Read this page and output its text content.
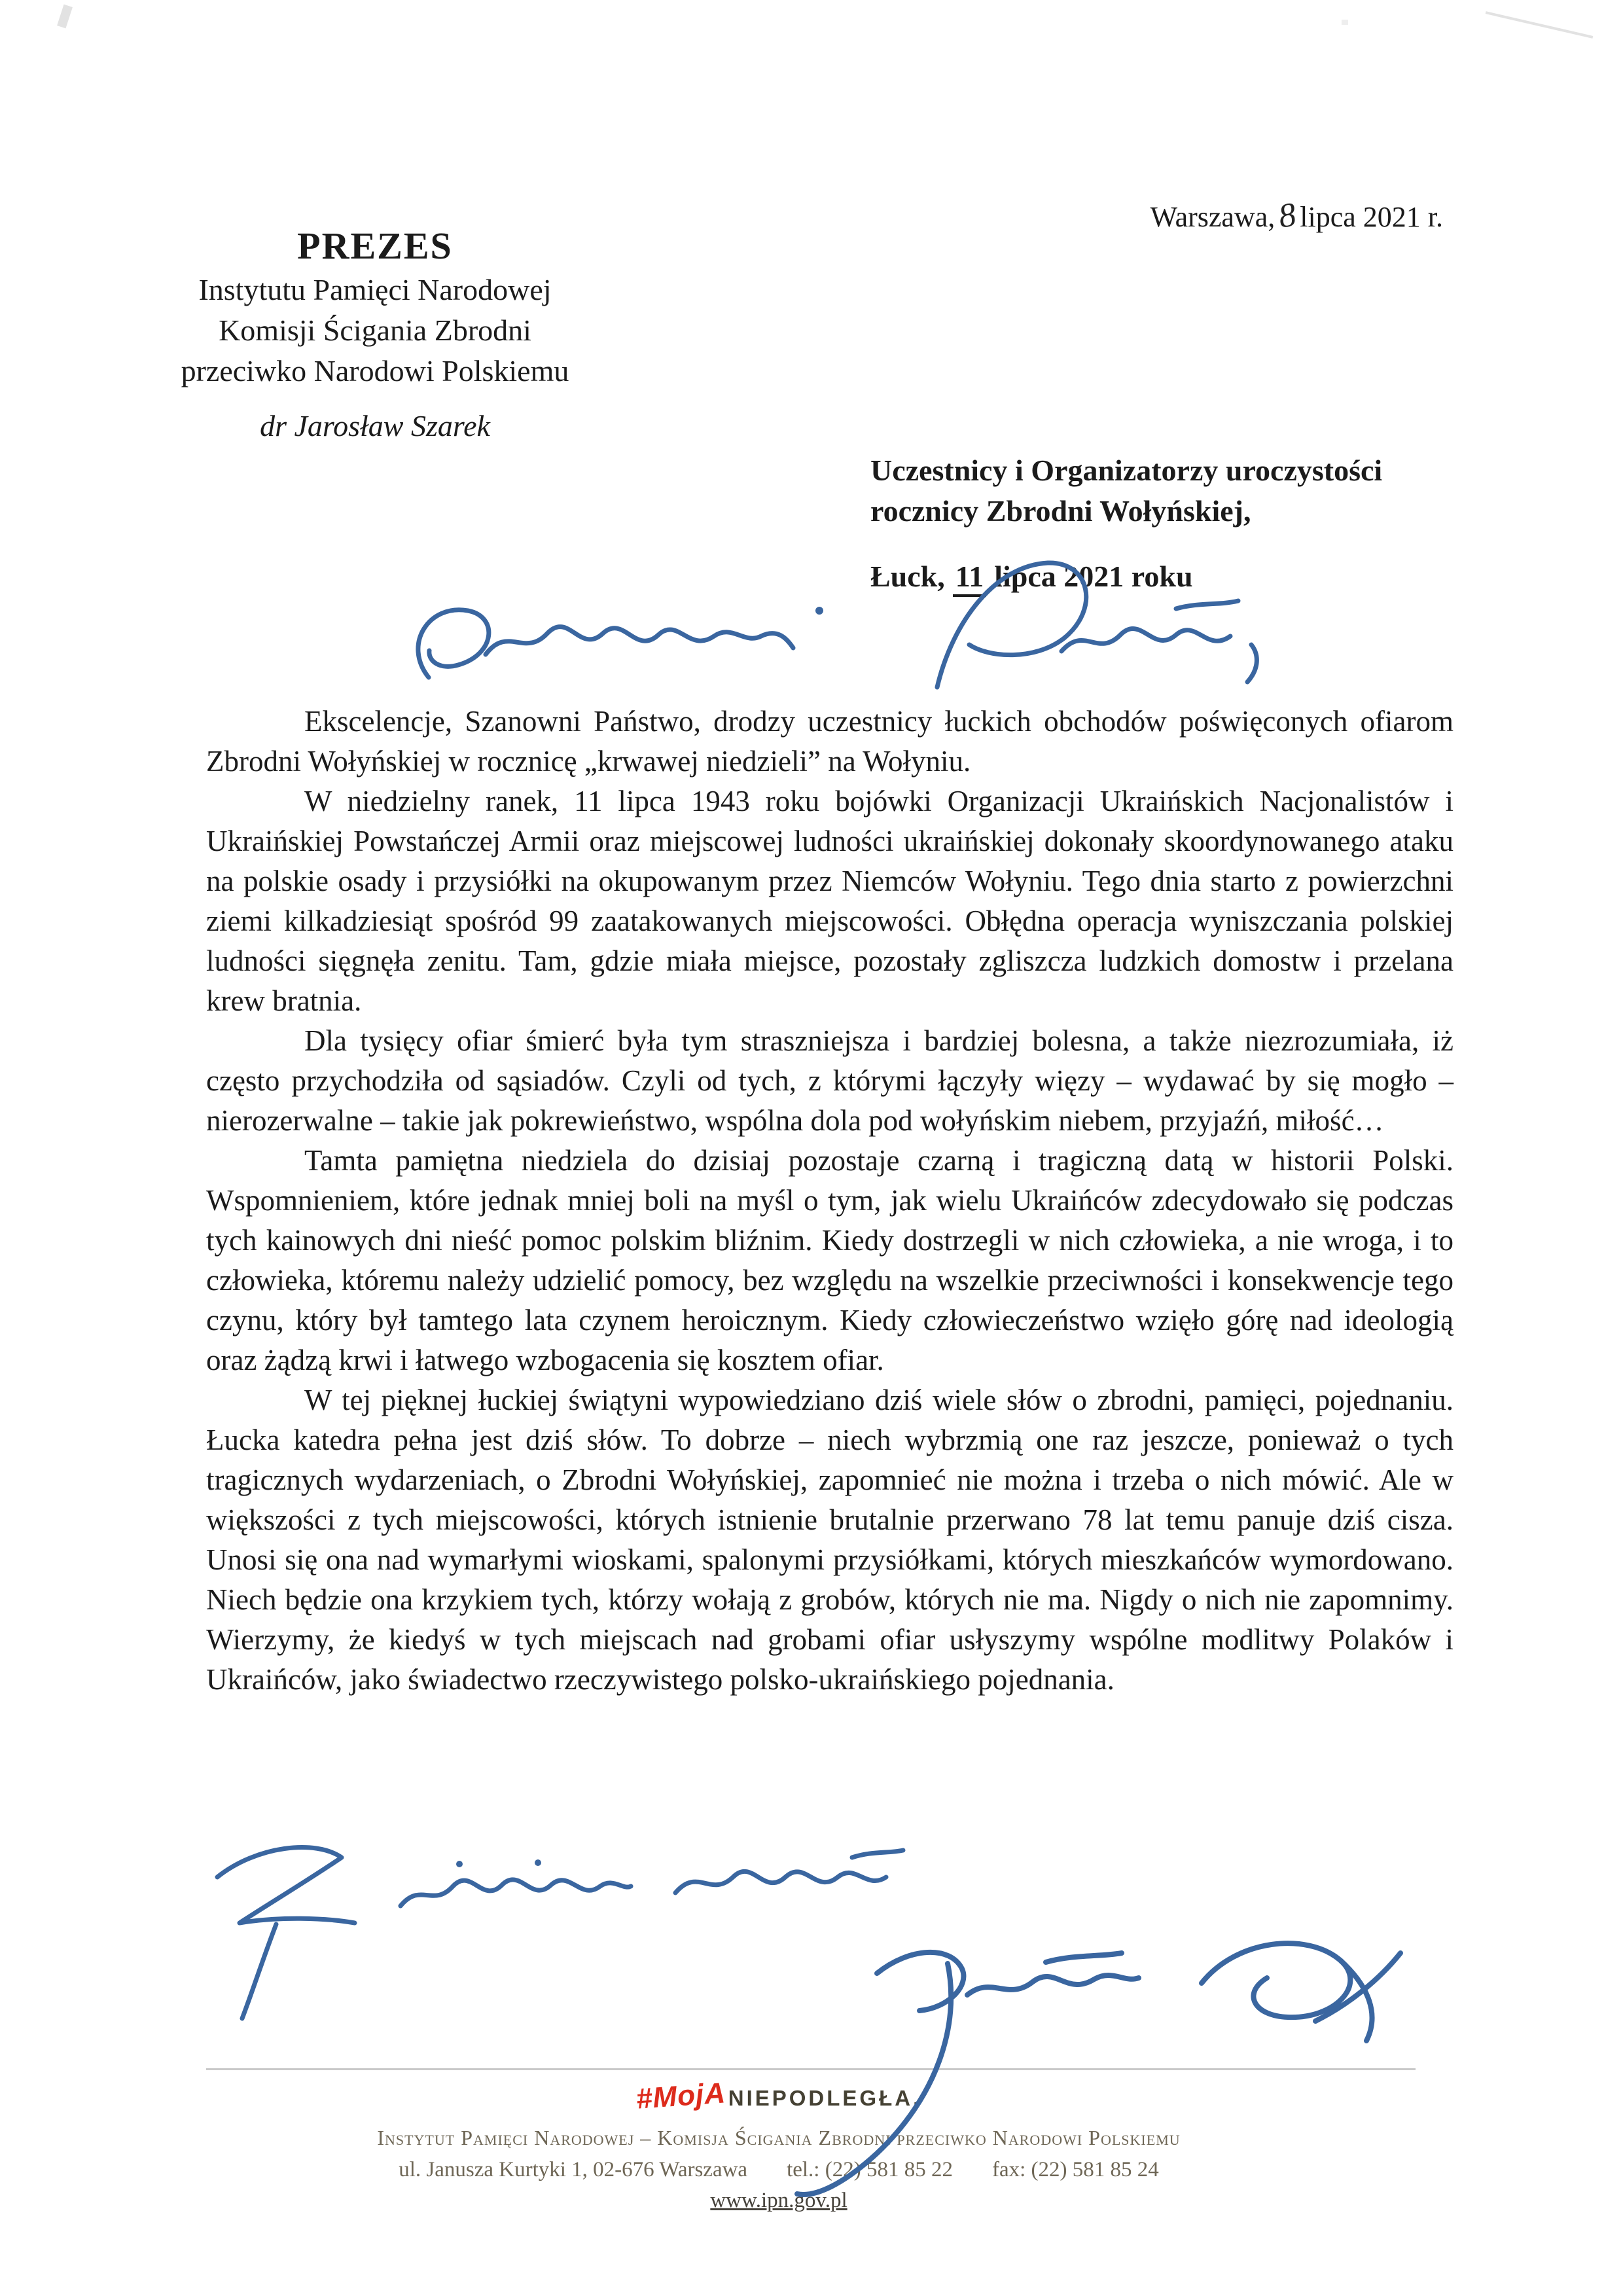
Warszawa,8lipca 2021 r.
PREZES
Instytutu Pamięci Narodowej
Komisji Ścigania Zbrodni
przeciwko Narodowi Polskiemu
dr Jarosław Szarek
Uczestnicy i Organizatorzy uroczystości
rocznicy Zbrodni Wołyńskiej,
Łuck, 11 lipca 2021 roku

Ekscelencje, Szanowni Państwo, drodzy uczestnicy łuckich obchodów poświęconych ofiarom Zbrodni Wołyńskiej w rocznicę „krwawej niedzieli” na Wołyniu.

W niedzielny ranek, 11 lipca 1943 roku bojówki Organizacji Ukraińskich Nacjonalistów i Ukraińskiej Powstańczej Armii oraz miejscowej ludności ukraińskiej dokonały skoordynowanego ataku na polskie osady i przysiółki na okupowanym przez Niemców Wołyniu. Tego dnia starto z powierzchni ziemi kilkadziesiąt spośród 99 zaatakowanych miejscowości. Obłędna operacja wyniszczania polskiej ludności sięgnęła zenitu. Tam, gdzie miała miejsce, pozostały zgliszcza ludzkich domostw i przelana krew bratnia.

Dla tysięcy ofiar śmierć była tym straszniejsza i bardziej bolesna, a także niezrozumiała, iż często przychodziła od sąsiadów. Czyli od tych, z którymi łączyły więzy – wydawać by się mogło – nierozerwalne – takie jak pokrewieństwo, wspólna dola pod wołyńskim niebem, przyjaźń, miłość…

Tamta pamiętna niedziela do dzisiaj pozostaje czarną i tragiczną datą w historii Polski. Wspomnieniem, które jednak mniej boli na myśl o tym, jak wielu Ukraińców zdecydowało się podczas tych kainowych dni nieść pomoc polskim bliźnim. Kiedy dostrzegli w nich człowieka, a nie wroga, i to człowieka, któremu należy udzielić pomocy, bez względu na wszelkie przeciwności i konsekwencje tego czynu, który był tamtego lata czynem heroicznym. Kiedy człowieczeństwo wzięło górę nad ideologią oraz żądzą krwi i łatwego wzbogacenia się kosztem ofiar.

W tej pięknej łuckiej świątyni wypowiedziano dziś wiele słów o zbrodni, pamięci, pojednaniu. Łucka katedra pełna jest dziś słów. To dobrze – niech wybrzmią one raz jeszcze, ponieważ o tych tragicznych wydarzeniach, o Zbrodni Wołyńskiej, zapomnieć nie można i trzeba o nich mówić. Ale w większości z tych miejscowości, których istnienie brutalnie przerwano 78 lat temu panuje dziś cisza. Unosi się ona nad wymarłymi wioskami, spalonymi przysiółkami, których mieszkańców wymordowano. Niech będzie ona krzykiem tych, którzy wołają z grobów, których nie ma. Nigdy o nich nie zapomnimy. Wierzymy, że kiedyś w tych miejscach nad grobami ofiar usłyszymy wspólne modlitwy Polaków i Ukraińców, jako świadectwo rzeczywistego polsko-ukraińskiego pojednania.

#MojANIEPODLEGŁA.
Instytut Pamięci Narodowej – Komisja Ścigania Zbrodni przeciwko Narodowi Polskiemu
ul. Janusza Kurtyki 1, 02-676 Warszawa tel.: (22) 581 85 22 fax: (22) 581 85 24
www.ipn.gov.pl
